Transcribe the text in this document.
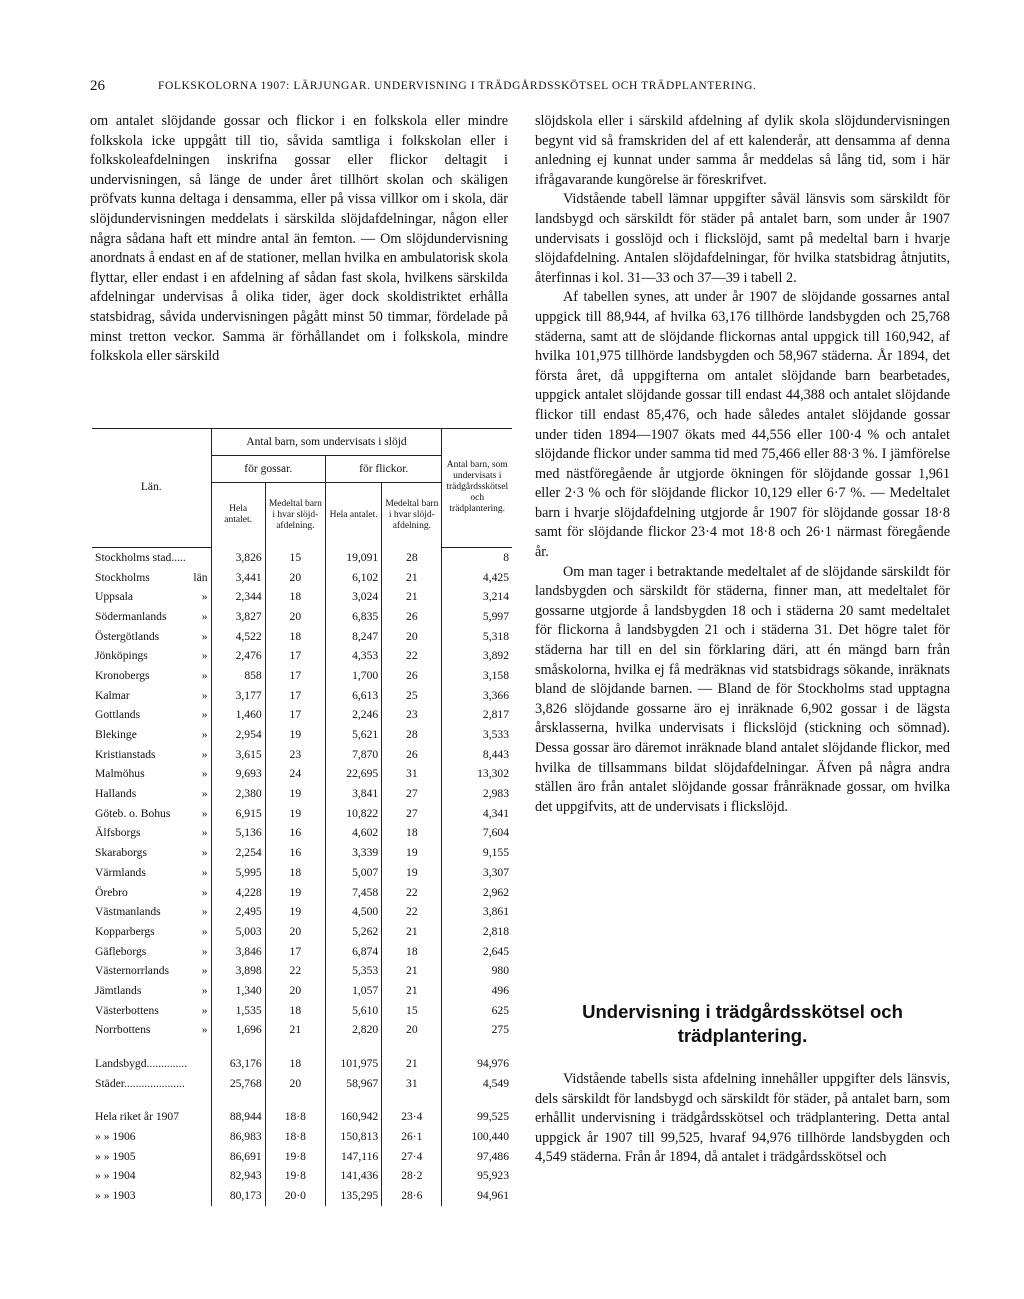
26	FOLKSKOLORNA 1907: LÄRJUNGAR. UNDERVISNING I TRÄDGÅRDSSKÖTSEL OCH TRÄDPLANTERING.

om antalet slöjdande gossar och flickor i en folkskola eller mindre folkskola icke uppgått till tio, såvida samtliga i folkskolan eller i folkskoleafdelningen inskrifna gossar eller flickor deltagit i undervisningen, så länge de under året tillhört skolan och skäligen pröfvats kunna deltaga i densamma, eller på vissa villkor om i skola, där slöjdundervisningen meddelats i särskilda slöjdafdelningar, någon eller några sådana haft ett mindre antal än femton. — Om slöjdundervisning anordnats å endast en af de stationer, mellan hvilka en ambulatorisk skola flyttar, eller endast i en afdelning af sådan fast skola, hvilkens särskilda afdelningar undervisas å olika tider, äger dock skoldistriktet erhålla statsbidrag, såvida undervisningen pågått minst 50 timmar, fördelade på minst tretton veckor. Samma är förhållandet om i folkskola, mindre folkskola eller särskild

Län.	Antal barn, som undervisats i slöjd				Antal barn, som undervisats i trädgårdsskötsel och trädplantering.
	för gossar.		för flickor.		
	Hela antalet.	Medeltal barn i hvar slöjd-afdelning.	Hela antalet.	Medeltal barn i hvar slöjd-afdelning.	

Stockholms stad.....	3,826	15	19,091	28	8

Stockholms län	3,441	20	6,102	21	4,425

Uppsala »	2,344	18	3,024	21	3,214

Södermanlands »	3,827	20	6,835	26	5,997

Östergötlands »	4,522	18	8,247	20	5,318

Jönköpings »	2,476	17	4,353	22	3,892

Kronobergs »	858	17	1,700	26	3,158

Kalmar »	3,177	17	6,613	25	3,366

Gottlands »	1,460	17	2,246	23	2,817

Blekinge »	2,954	19	5,621	28	3,533

Kristianstads »	3,615	23	7,870	26	8,443

Malmöhus »	9,693	24	22,695	31	13,302

Hallands »	2,380	19	3,841	27	2,983

Göteb. o. Bohus »	6,915	19	10,822	27	4,341

Älfsborgs »	5,136	16	4,602	18	7,604

Skaraborgs »	2,254	16	3,339	19	9,155

Värmlands »	5,995	18	5,007	19	3,307

Örebro »	4,228	19	7,458	22	2,962

Västmanlands »	2,495	19	4,500	22	3,861

Kopparbergs »	5,003	20	5,262	21	2,818

Gäfleborgs »	3,846	17	6,874	18	2,645

Västernorrlands »	3,898	22	5,353	21	980

Jämtlands »	1,340	20	1,057	21	496

Västerbottens »	1,535	18	5,610	15	625

Norrbottens »	1,696	21	2,820	20	275

Landsbygd..............	63,176	18	101,975	21	94,976
Städer.....................	25,768	20	58,967	31	4,549

Hela riket år 1907	88,944	18·8	160,942	23·4	99,525
» » 1906	86,983	18·8	150,813	26·1	100,440
» » 1905	86,691	19·8	147,116	27·4	97,486
» » 1904	82,943	19·8	141,436	28·2	95,923
» » 1903	80,173	20·0	135,295	28·6	94,961

slöjdskola eller i särskild afdelning af dylik skola slöjdundervisningen begynt vid så framskriden del af ett kalenderår, att densamma af denna anledning ej kunnat under samma år meddelas så lång tid, som i här ifrågavarande kungörelse är föreskrifvet.

Vidstående tabell lämnar uppgifter såväl länsvis som särskildt för landsbygd och särskildt för städer på antalet barn, som under år 1907 undervisats i gosslöjd och i flickslöjd, samt på medeltal barn i hvarje slöjdafdelning. Antalen slöjdafdelningar, för hvilka statsbidrag åtnjutits, återfinnas i kol. 31—33 och 37—39 i tabell 2.

Af tabellen synes, att under år 1907 de slöjdande gossarnes antal uppgick till 88,944, af hvilka 63,176 tillhörde landsbygden och 25,768 städerna, samt att de slöjdande flickornas antal uppgick till 160,942, af hvilka 101,975 tillhörde landsbygden och 58,967 städerna. År 1894, det första året, då uppgifterna om antalet slöjdande barn bearbetades, uppgick antalet slöjdande gossar till endast 44,388 och antalet slöjdande flickor till endast 85,476, och hade således antalet slöjdande gossar under tiden 1894—1907 ökats med 44,556 eller 100·4 % och antalet slöjdande flickor under samma tid med 75,466 eller 88·3 %. I jämförelse med nästföregående år utgjorde ökningen för slöjdande gossar 1,961 eller 2·3 % och för slöjdande flickor 10,129 eller 6·7 %. — Medeltalet barn i hvarje slöjdafdelning utgjorde år 1907 för slöjdande gossar 18·8 samt för slöjdande flickor 23·4 mot 18·8 och 26·1 närmast föregående år.

Om man tager i betraktande medeltalet af de slöjdande särskildt för landsbygden och särskildt för städerna, finner man, att medeltalet för gossarne utgjorde å landsbygden 18 och i städerna 20 samt medeltalet för flickorna å landsbygden 21 och i städerna 31. Det högre talet för städerna har till en del sin förklaring däri, att én mängd barn från småskolorna, hvilka ej få medräknas vid statsbidrags sökande, inräknats bland de slöjdande barnen. — Bland de för Stockholms stad upptagna 3,826 slöjdande gossarne äro ej inräknade 6,902 gossar i de lägsta årsklasserna, hvilka undervisats i flickslöjd (stickning och sömnad). Dessa gossar äro däremot inräknade bland antalet slöjdande flickor, med hvilka de tillsammans bildat slöjdafdelningar. Äfven på några andra ställen äro från antalet slöjdande gossar frånräknade gossar, om hvilka det uppgifvits, att de undervisats i flickslöjd.

Undervisning i trädgårdsskötsel och trädplantering.

Vidstående tabells sista afdelning innehåller uppgifter dels länsvis, dels särskildt för landsbygd och särskildt för städer, på antalet barn, som erhållit undervisning i trädgårdsskötsel och trädplantering. Detta antal uppgick år 1907 till 99,525, hvaraf 94,976 tillhörde landsbygden och 4,549 städerna. Från år 1894, då antalet i trädgårdsskötsel och
